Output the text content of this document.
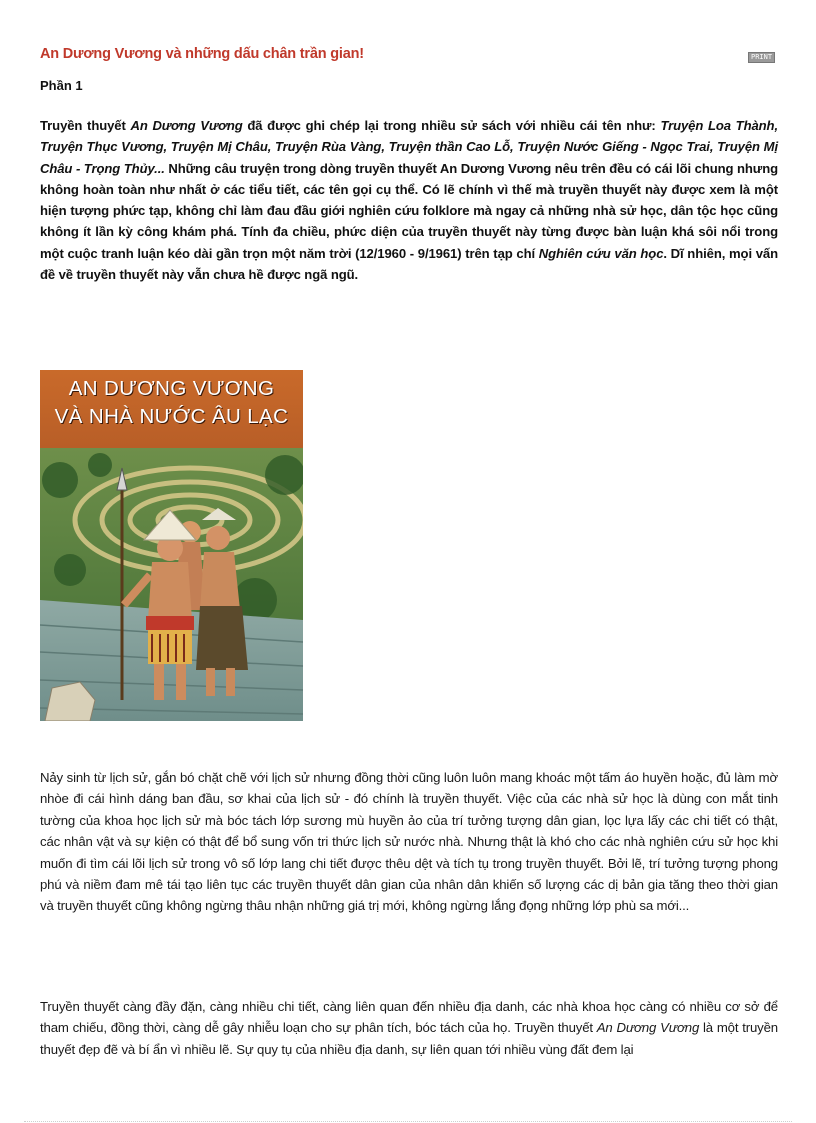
An Dương Vương và những dấu chân trần gian!	PRINT
Phần 1

Truyền thuyết An Dương Vương đã được ghi chép lại trong nhiều sử sách với nhiều cái tên như: Truyện Loa Thành, Truyện Thục Vương, Truyện Mị Châu, Truyện Rùa Vàng, Truyện thần Cao Lỗ, Truyện Nước Giếng - Ngọc Trai, Truyện Mị Châu - Trọng Thủy... Những câu truyện trong dòng truyền thuyết An Dương Vương nêu trên đều có cái lõi chung nhưng không hoàn toàn như nhất ở các tiểu tiết, các tên gọi cụ thể. Có lẽ chính vì thế mà truyền thuyết này được xem là một hiện tượng phức tạp, không chỉ làm đau đầu giới nghiên cứu folklore mà ngay cả những nhà sử học, dân tộc học cũng không ít lần kỳ công khám phá. Tính đa chiều, phức diện của truyền thuyết này từng được bàn luận khá sôi nổi trong một cuộc tranh luận kéo dài gần trọn một năm trời (12/1960 - 9/1961) trên tạp chí Nghiên cứu văn học. Dĩ nhiên, mọi vấn đề về truyền thuyết này vẫn chưa hề được ngã ngũ.

AN DƯƠNG VƯƠNG

VÀ NHÀ NƯỚC ÂU LẠC

Nảy sinh từ lịch sử, gắn bó chặt chẽ với lịch sử nhưng đồng thời cũng luôn luôn mang khoác một tấm áo huyền hoặc, đủ làm mờ nhòe đi cái hình dáng ban đầu, sơ khai của lịch sử - đó chính là truyền thuyết. Việc của các nhà sử học là dùng con mắt tinh tường của khoa học lịch sử mà bóc tách lớp sương mù huyền ảo của trí tưởng tượng dân gian, lọc lựa lấy các chi tiết có thật, các nhân vật và sự kiện có thật để bổ sung vốn tri thức lịch sử nước nhà. Nhưng thật là khó cho các nhà nghiên cứu sử học khi muốn đi tìm cái lõi lịch sử trong vô số lớp lang chi tiết được thêu dệt và tích tụ trong truyền thuyết. Bởi lẽ, trí tưởng tượng phong phú và niềm đam mê tái tạo liên tục các truyền thuyết dân gian của nhân dân khiến số lượng các dị bản gia tăng theo thời gian và truyền thuyết cũng không ngừng thâu nhận những giá trị mới, không ngừng lắng đọng những lớp phù sa mới...

Truyền thuyết càng đầy đặn, càng nhiều chi tiết, càng liên quan đến nhiều địa danh, các nhà khoa học càng có nhiều cơ sở để tham chiếu, đồng thời, càng dễ gây nhiễu loạn cho sự phân tích, bóc tách của họ. Truyền thuyết An Dương Vương là một truyền thuyết đẹp đẽ và bí ẩn vì nhiều lẽ. Sự quy tụ của nhiều địa danh, sự liên quan tới nhiều vùng đất đem lại
